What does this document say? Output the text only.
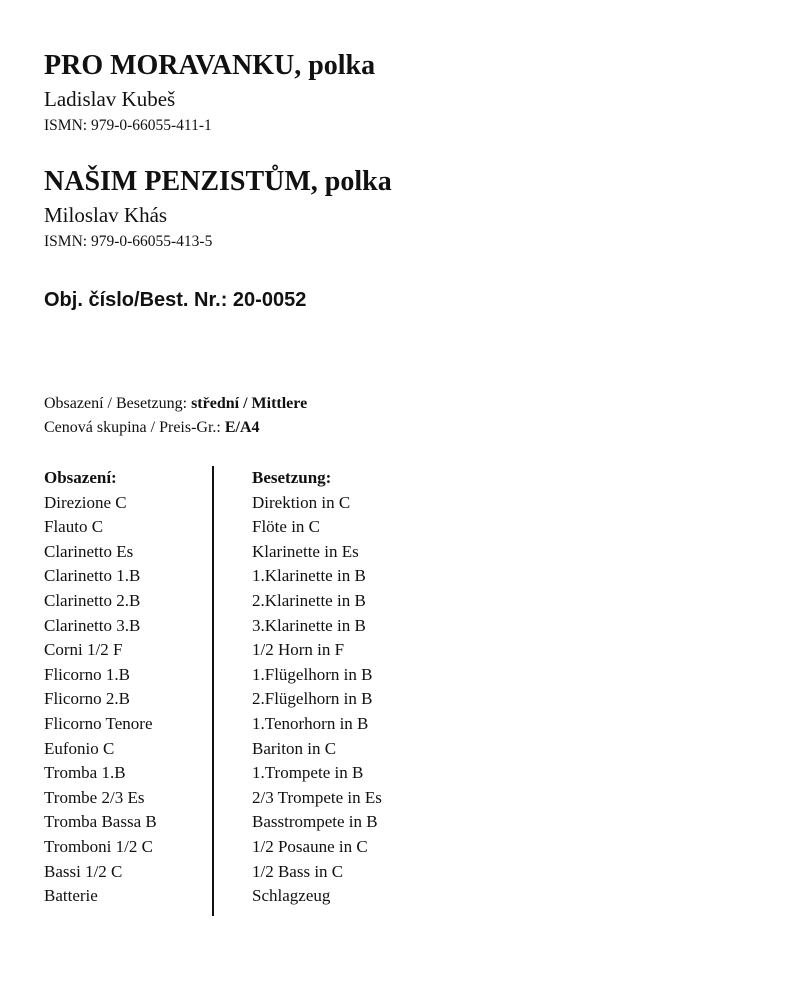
PRO MORAVANKU, polka
Ladislav Kubeš
ISMN: 979-0-66055-411-1
NAŠIM PENZISTŮM, polka
Miloslav Khás
ISMN: 979-0-66055-413-5
Obj. číslo/Best. Nr.: 20-0052
Obsazení / Besetzung: střední / Mittlere
Cenová skupina / Preis-Gr.: E/A4
Obsazení:
Direzione C
Flauto C
Clarinetto Es
Clarinetto 1.B
Clarinetto 2.B
Clarinetto 3.B
Corni 1/2 F
Flicorno 1.B
Flicorno 2.B
Flicorno Tenore
Eufonio C
Tromba 1.B
Trombe 2/3 Es
Tromba Bassa B
Tromboni 1/2 C
Bassi 1/2 C
Batterie
Besetzung:
Direktion in C
Flöte in C
Klarinette in Es
1.Klarinette in B
2.Klarinette in B
3.Klarinette in B
1/2 Horn in F
1.Flügelhorn in B
2.Flügelhorn in B
1.Tenorhorn in B
Bariton in C
1.Trompete in B
2/3 Trompete in Es
Basstrompete in B
1/2 Posaune in C
1/2 Bass in C
Schlagzeug
